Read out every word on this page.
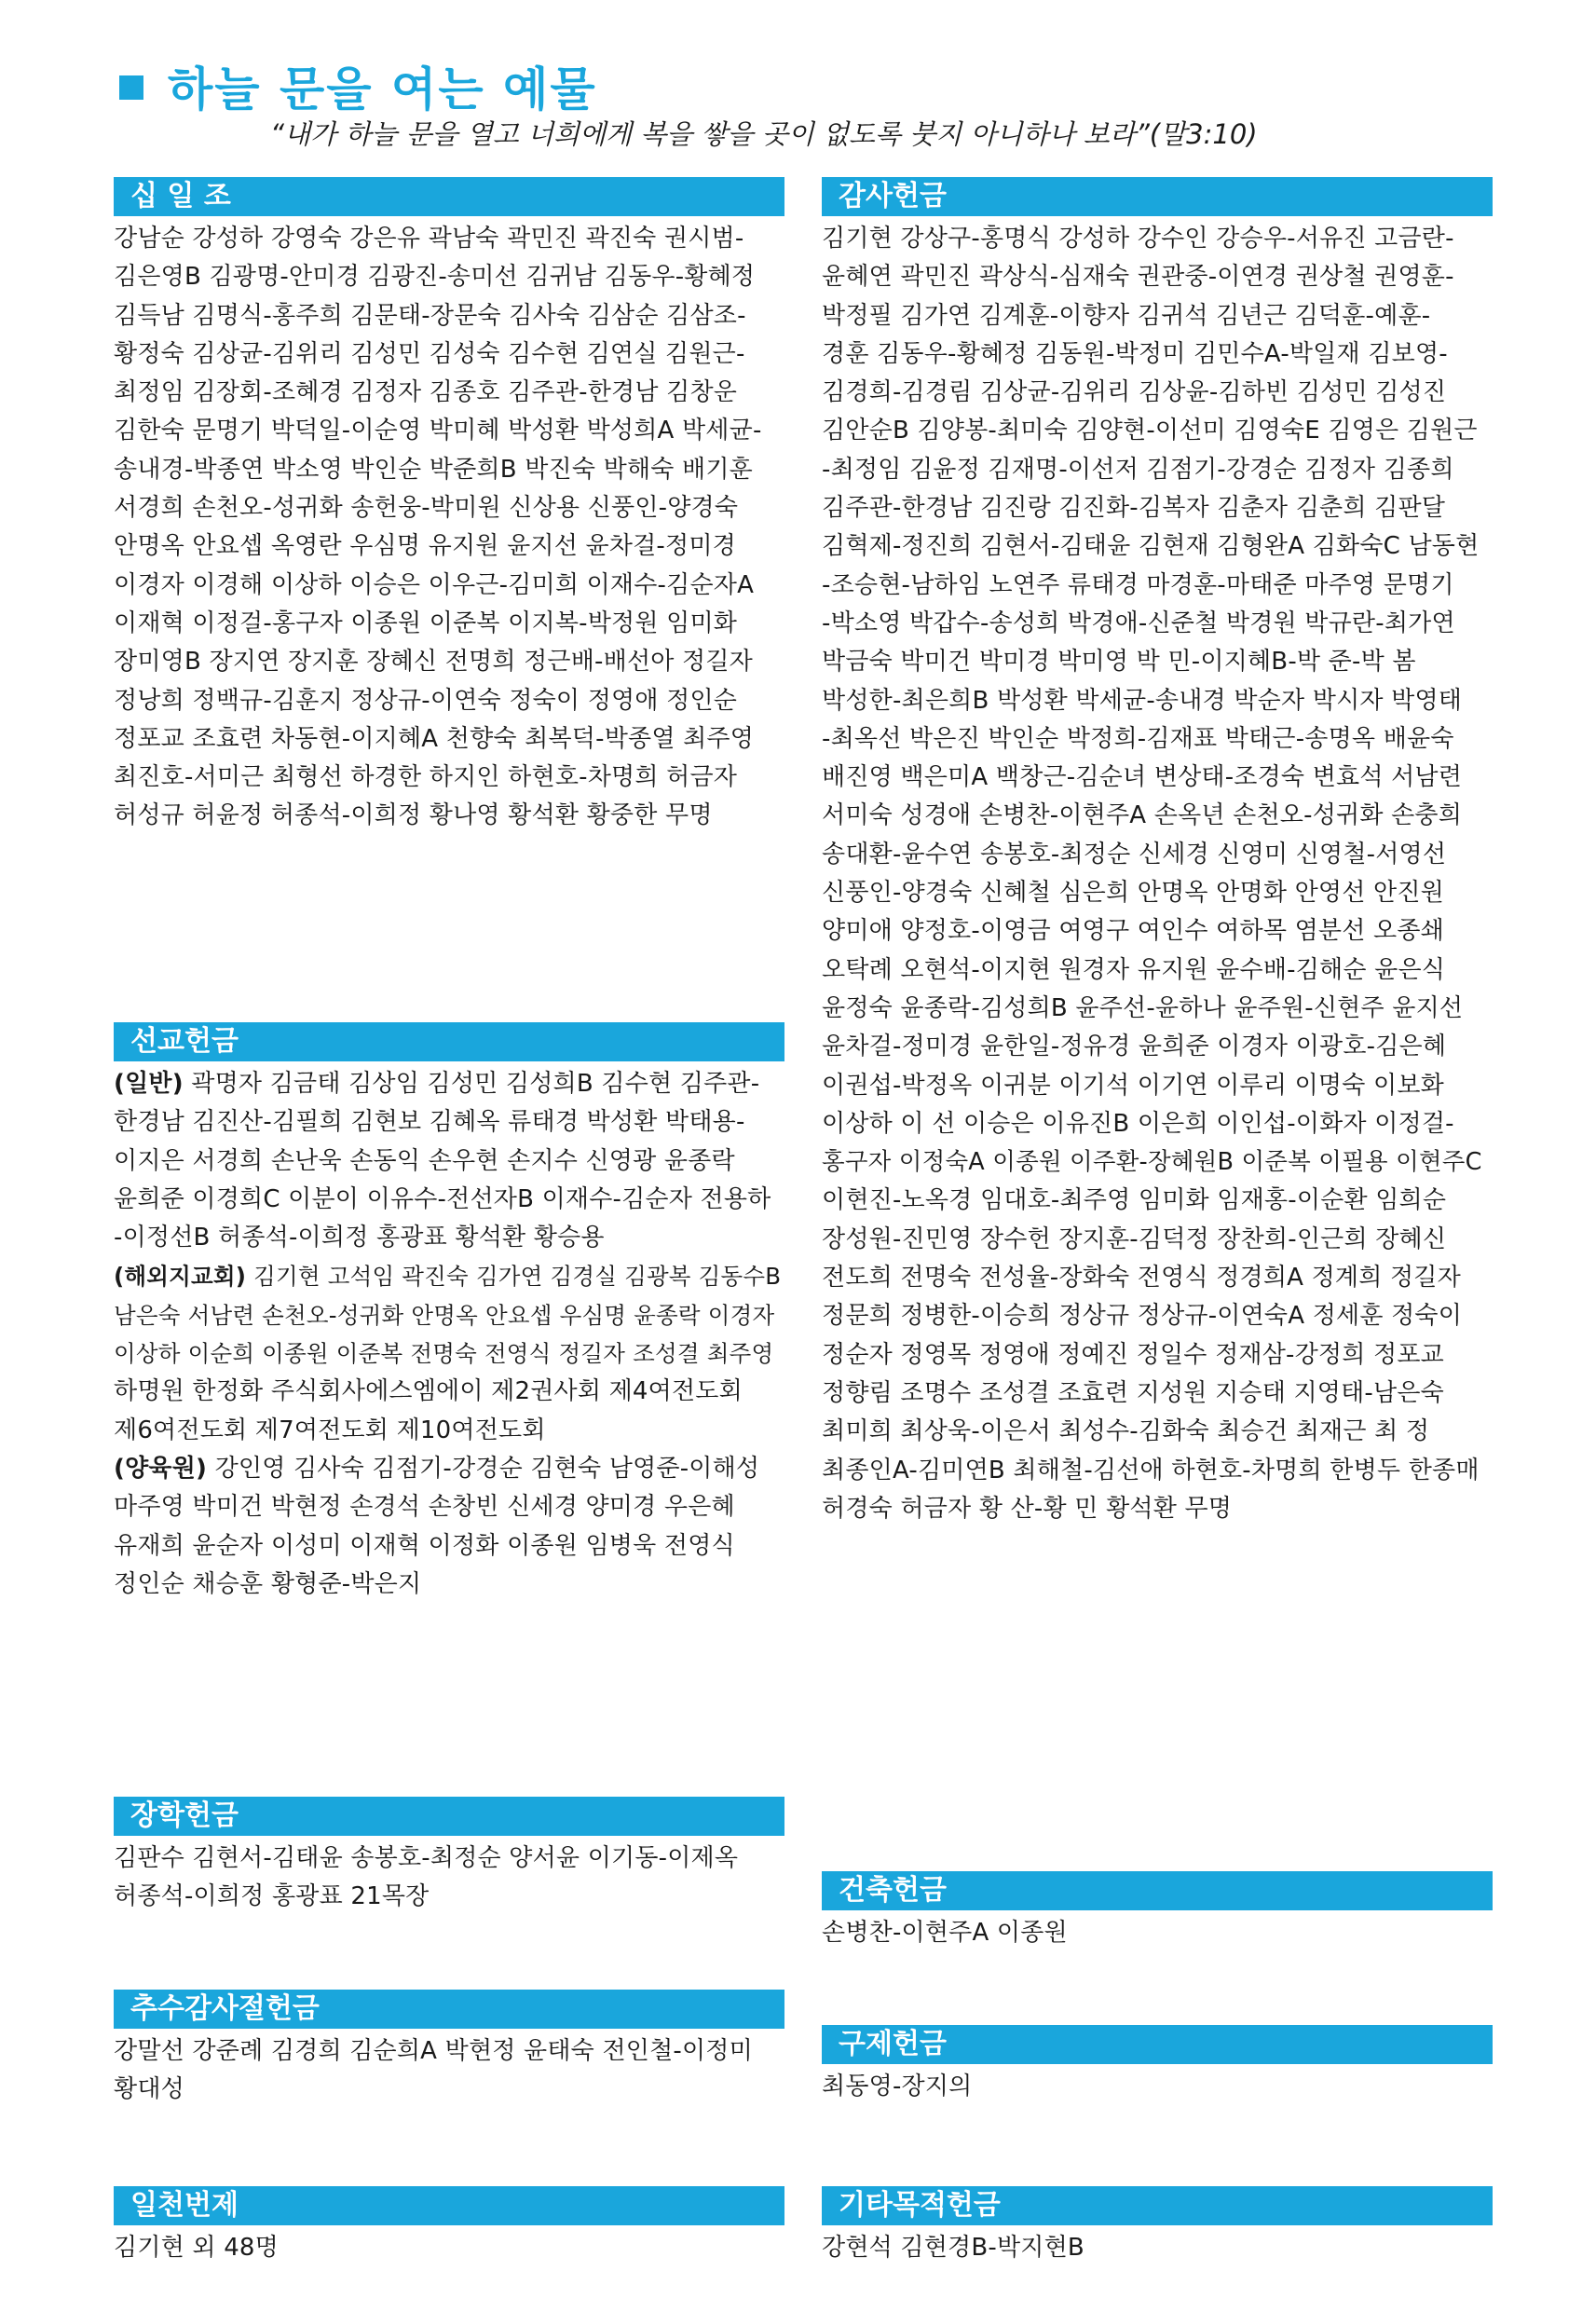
하늘 문을 여는 예물
“내가 하늘 문을 열고 너희에게 복을 쌓을 곳이 없도록 붓지 아니하나 보라”(말3:10)
십 일 조
강남순 강성하 강영숙 강은유 곽남숙 곽민진 곽진숙 권시범-
김은영B 김광명-안미경 김광진-송미선 김귀남 김동우-황혜정
김득남 김명식-홍주희 김문태-장문숙 김사숙 김삼순 김삼조-
황정숙 김상균-김위리 김성민 김성숙 김수현 김연실 김원근-
최정임 김장회-조혜경 김정자 김종호 김주관-한경남 김창운
김한숙 문명기 박덕일-이순영 박미혜 박성환 박성희A 박세균-
송내경-박종연 박소영 박인순 박준희B 박진숙 박해숙 배기훈
서경희 손천오-성귀화 송헌웅-박미원 신상용 신풍인-양경숙
안명옥 안요셉 옥영란 우심명 유지원 윤지선 윤차걸-정미경
이경자 이경해 이상하 이승은 이우근-김미희 이재수-김순자A
이재혁 이정걸-홍구자 이종원 이준복 이지복-박정원 임미화
장미영B 장지연 장지훈 장혜신 전명희 정근배-배선아 정길자
정낭희 정백규-김훈지 정상규-이연숙 정숙이 정영애 정인순
정포교 조효련 차동현-이지혜A 천향숙 최복덕-박종열 최주영
최진호-서미근 최형선 하경한 하지인 하현호-차명희 허금자
허성규 허윤정 허종석-이희정 황나영 황석환 황중한 무명
선교헌금
(일반) 곽명자 김금태 김상임 김성민 김성희B 김수현 김주관-
한경남 김진산-김필희 김현보 김혜옥 류태경 박성환 박태용-
이지은 서경희 손난욱 손동익 손우현 손지수 신영광 윤종락
윤희준 이경희C 이분이 이유수-전선자B 이재수-김순자 전용하
-이정선B 허종석-이희정 홍광표 황석환 황승용
(해외지교회) 김기현 고석임 곽진숙 김가연 김경실 김광복 김동수B
남은숙 서남련 손천오-성귀화 안명옥 안요셉 우심명 윤종락 이경자
이상하 이순희 이종원 이준복 전명숙 전영식 정길자 조성결 최주영
하명원 한정화 주식회사에스엠에이 제2권사회 제4여전도회
제6여전도회 제7여전도회 제10여전도회
(양육원) 강인영 김사숙 김점기-강경순 김현숙 남영준-이해성
마주영 박미건 박현정 손경석 손창빈 신세경 양미경 우은혜
유재희 윤순자 이성미 이재혁 이정화 이종원 임병욱 전영식
정인순 채승훈 황형준-박은지
장학헌금
김판수 김현서-김태윤 송봉호-최정순 양서윤 이기동-이제옥
허종석-이희정 홍광표 21목장
추수감사절헌금
강말선 강준례 김경희 김순희A 박현정 윤태숙 전인철-이정미
황대성
일천번제
김기현 외 48명
감사헌금
김기현 강상구-홍명식 강성하 강수인 강승우-서유진 고금란-
윤혜연 곽민진 곽상식-심재숙 권관중-이연경 권상철 권영훈-
박정필 김가연 김계훈-이향자 김귀석 김년근 김덕훈-예훈-
경훈 김동우-황혜정 김동원-박정미 김민수A-박일재 김보영-
김경희-김경림 김상균-김위리 김상윤-김하빈 김성민 김성진
김안순B 김양봉-최미숙 김양현-이선미 김영숙E 김영은 김원근
-최정임 김윤정 김재명-이선저 김점기-강경순 김정자 김종희
김주관-한경남 김진랑 김진화-김복자 김춘자 김춘희 김판달
김혁제-정진희 김현서-김태윤 김현재 김형완A 김화숙C 남동현
-조승현-남하임 노연주 류태경 마경훈-마태준 마주영 문명기
-박소영 박갑수-송성희 박경애-신준철 박경원 박규란-최가연
박금숙 박미건 박미경 박미영 박 민-이지혜B-박 준-박 봄
박성한-최은희B 박성환 박세균-송내경 박순자 박시자 박영태
-최옥선 박은진 박인순 박정희-김재표 박태근-송명옥 배윤숙
배진영 백은미A 백창근-김순녀 변상태-조경숙 변효석 서남련
서미숙 성경애 손병찬-이현주A 손옥년 손천오-성귀화 손충희
송대환-윤수연 송봉호-최정순 신세경 신영미 신영철-서영선
신풍인-양경숙 신혜철 심은희 안명옥 안명화 안영선 안진원
양미애 양정호-이영금 여영구 여인수 여하목 염분선 오종쇄
오탁례 오현석-이지현 원경자 유지원 윤수배-김해순 윤은식
윤정숙 윤종락-김성희B 윤주선-윤하나 윤주원-신현주 윤지선
윤차걸-정미경 윤한일-정유경 윤희준 이경자 이광호-김은혜
이권섭-박정옥 이귀분 이기석 이기연 이루리 이명숙 이보화
이상하 이 선 이승은 이유진B 이은희 이인섭-이화자 이정걸-
홍구자 이정숙A 이종원 이주환-장혜원B 이준복 이필용 이현주C
이현진-노옥경 임대호-최주영 임미화 임재홍-이순환 임희순
장성원-진민영 장수헌 장지훈-김덕정 장찬희-인근희 장혜신
전도희 전명숙 전성율-장화숙 전영식 정경희A 정계희 정길자
정문희 정병한-이승희 정상규 정상규-이연숙A 정세훈 정숙이
정순자 정영목 정영애 정예진 정일수 정재삼-강정희 정포교
정향림 조명수 조성결 조효련 지성원 지승태 지영태-남은숙
최미희 최상욱-이은서 최성수-김화숙 최승건 최재근 최 정
최종인A-김미연B 최해철-김선애 하현호-차명희 한병두 한종매
허경숙 허금자 황 산-황 민 황석환 무명
건축헌금
손병찬-이현주A 이종원
구제헌금
최동영-장지의
기타목적헌금
강현석 김현경B-박지현B
